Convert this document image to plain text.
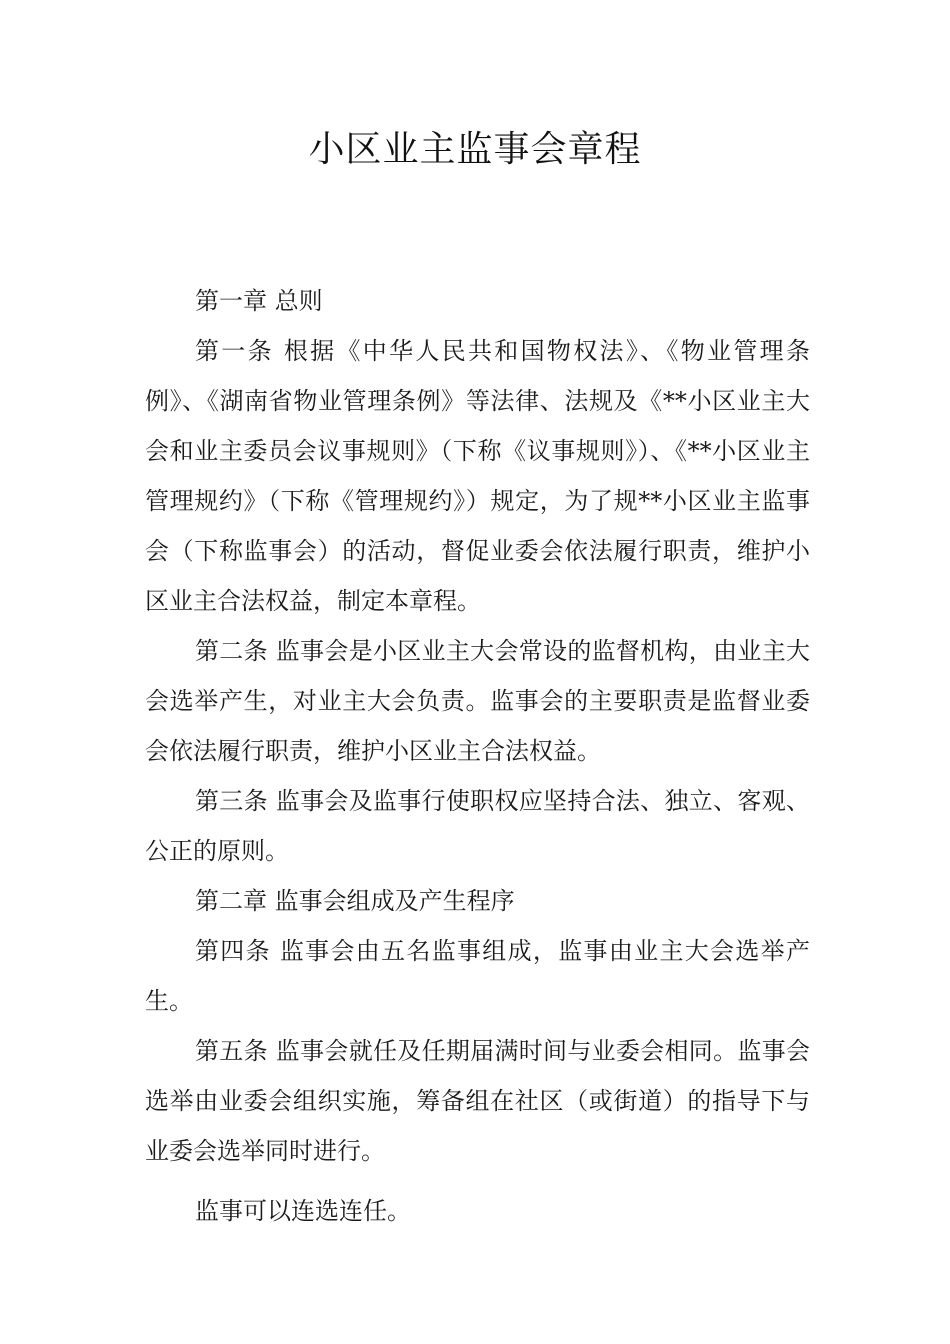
小区业主监事会章程

第一章 总则

第一条 根据《中华人民共和国物权法》、《物业管理条例》、《湖南省物业管理条例》等法律、法规及《**小区业主大会和业主委员会议事规则》（下称《议事规则》）、《**小区业主管理规约》（下称《管理规约》）规定，为了规**小区业主监事会（下称监事会）的活动，督促业委会依法履行职责，维护小区业主合法权益，制定本章程。

第二条 监事会是小区业主大会常设的监督机构，由业主大会选举产生，对业主大会负责。监事会的主要职责是监督业委会依法履行职责，维护小区业主合法权益。

第三条 监事会及监事行使职权应坚持合法、独立、客观、公正的原则。

第二章 监事会组成及产生程序

第四条 监事会由五名监事组成，监事由业主大会选举产生。

第五条 监事会就任及任期届满时间与业委会相同。监事会选举由业委会组织实施，筹备组在社区（或街道）的指导下与业委会选举同时进行。

监事可以连选连任。
